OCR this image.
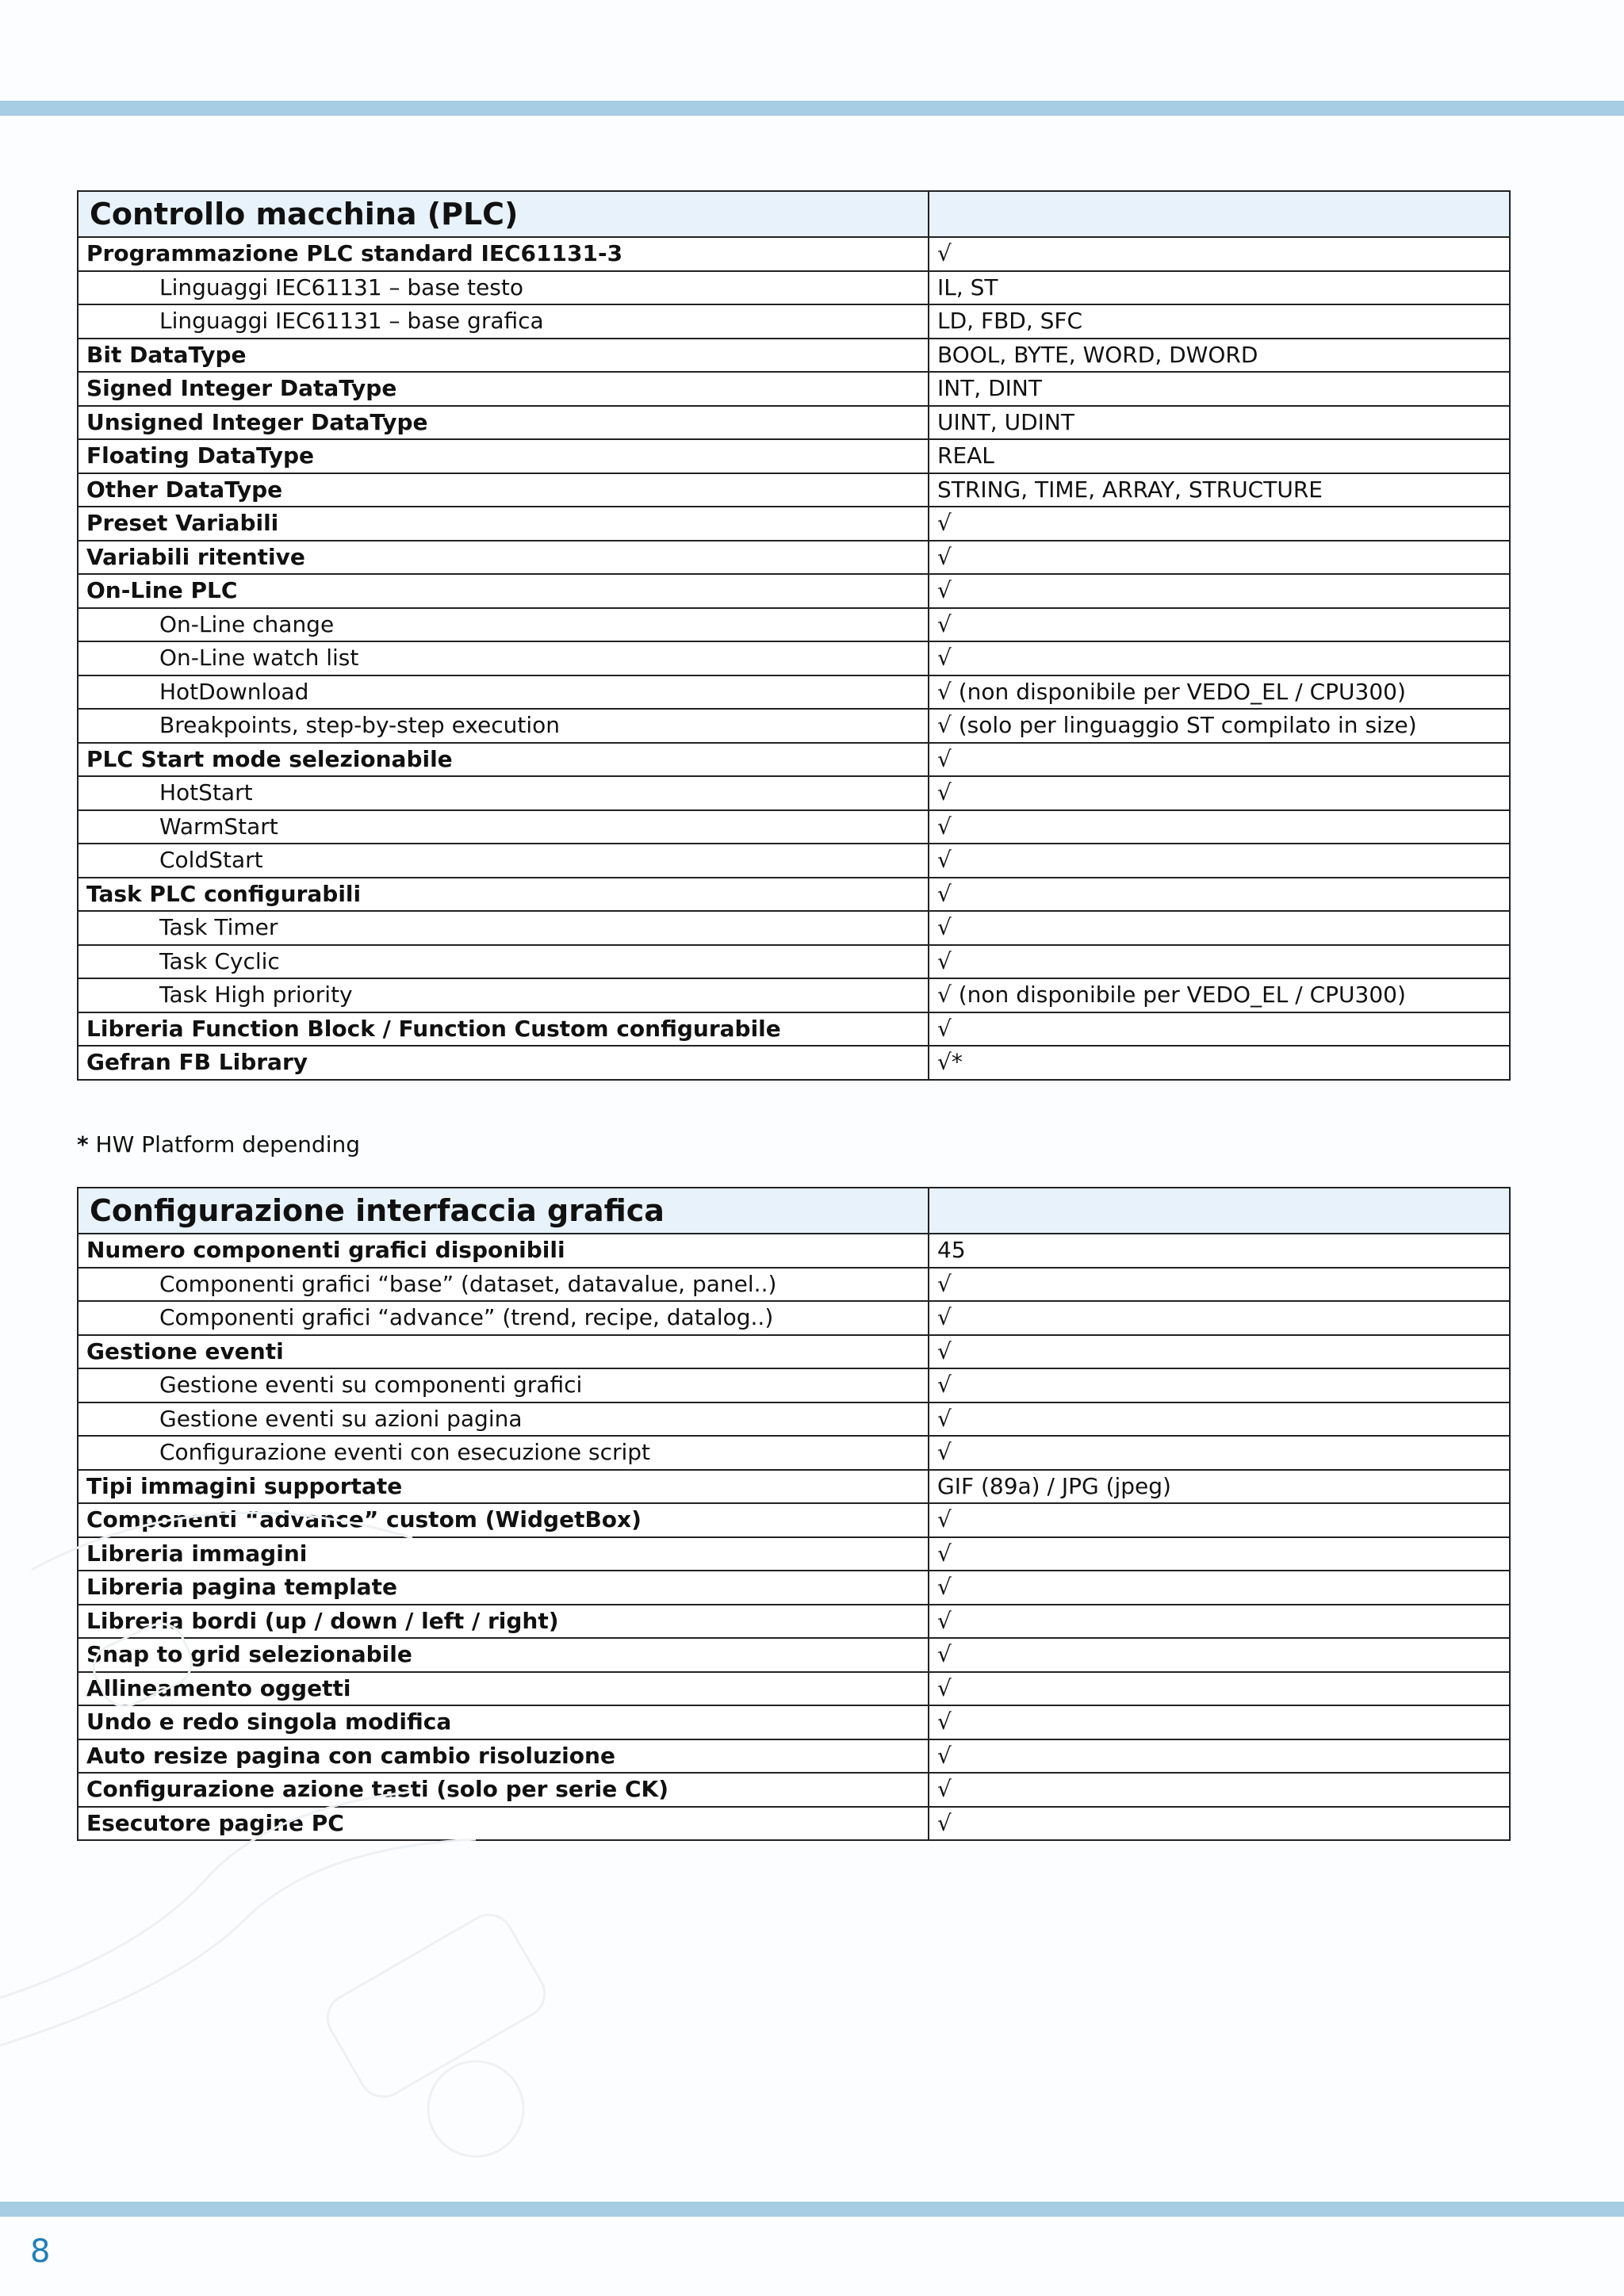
Controllo macchina (PLC)	
Programmazione PLC standard IEC61131-3	√
Linguaggi IEC61131 – base testo	IL, ST
Linguaggi IEC61131 – base grafica	LD, FBD, SFC
Bit DataType	BOOL, BYTE, WORD, DWORD
Signed Integer DataType	INT, DINT
Unsigned Integer DataType	UINT, UDINT
Floating DataType	REAL
Other DataType	STRING, TIME, ARRAY, STRUCTURE
Preset Variabili	√
Variabili ritentive	√
On-Line PLC	√
On-Line change	√
On-Line watch list	√
HotDownload	√ (non disponibile per VEDO_EL / CPU300)
Breakpoints, step-by-step execution	√ (solo per linguaggio ST compilato in size)
PLC Start mode selezionabile	√
HotStart	√
WarmStart	√
ColdStart	√
Task PLC configurabili	√
Task Timer	√
Task Cyclic	√
Task High priority	√ (non disponibile per VEDO_EL / CPU300)
Libreria Function Block / Function Custom configurabile	√
Gefran FB Library	√*
* HW Platform depending
Configurazione interfaccia grafica	
Numero componenti grafici disponibili	45
Componenti grafici “base” (dataset, datavalue, panel..)	√
Componenti grafici “advance” (trend, recipe, datalog..)	√
Gestione eventi	√
Gestione eventi su componenti grafici	√
Gestione eventi su azioni pagina	√
Configurazione eventi con esecuzione script	√
Tipi immagini supportate	GIF (89a) / JPG (jpeg)
Componenti “advance” custom (WidgetBox)	√
Libreria immagini	√
Libreria pagina template	√
Libreria bordi (up / down / left / right)	√
Snap to grid selezionabile	√
Allineamento oggetti	√
Undo e redo singola modifica	√
Auto resize pagina con cambio risoluzione	√
Configurazione azione tasti (solo per serie CK)	√
Esecutore pagine PC	√
8
